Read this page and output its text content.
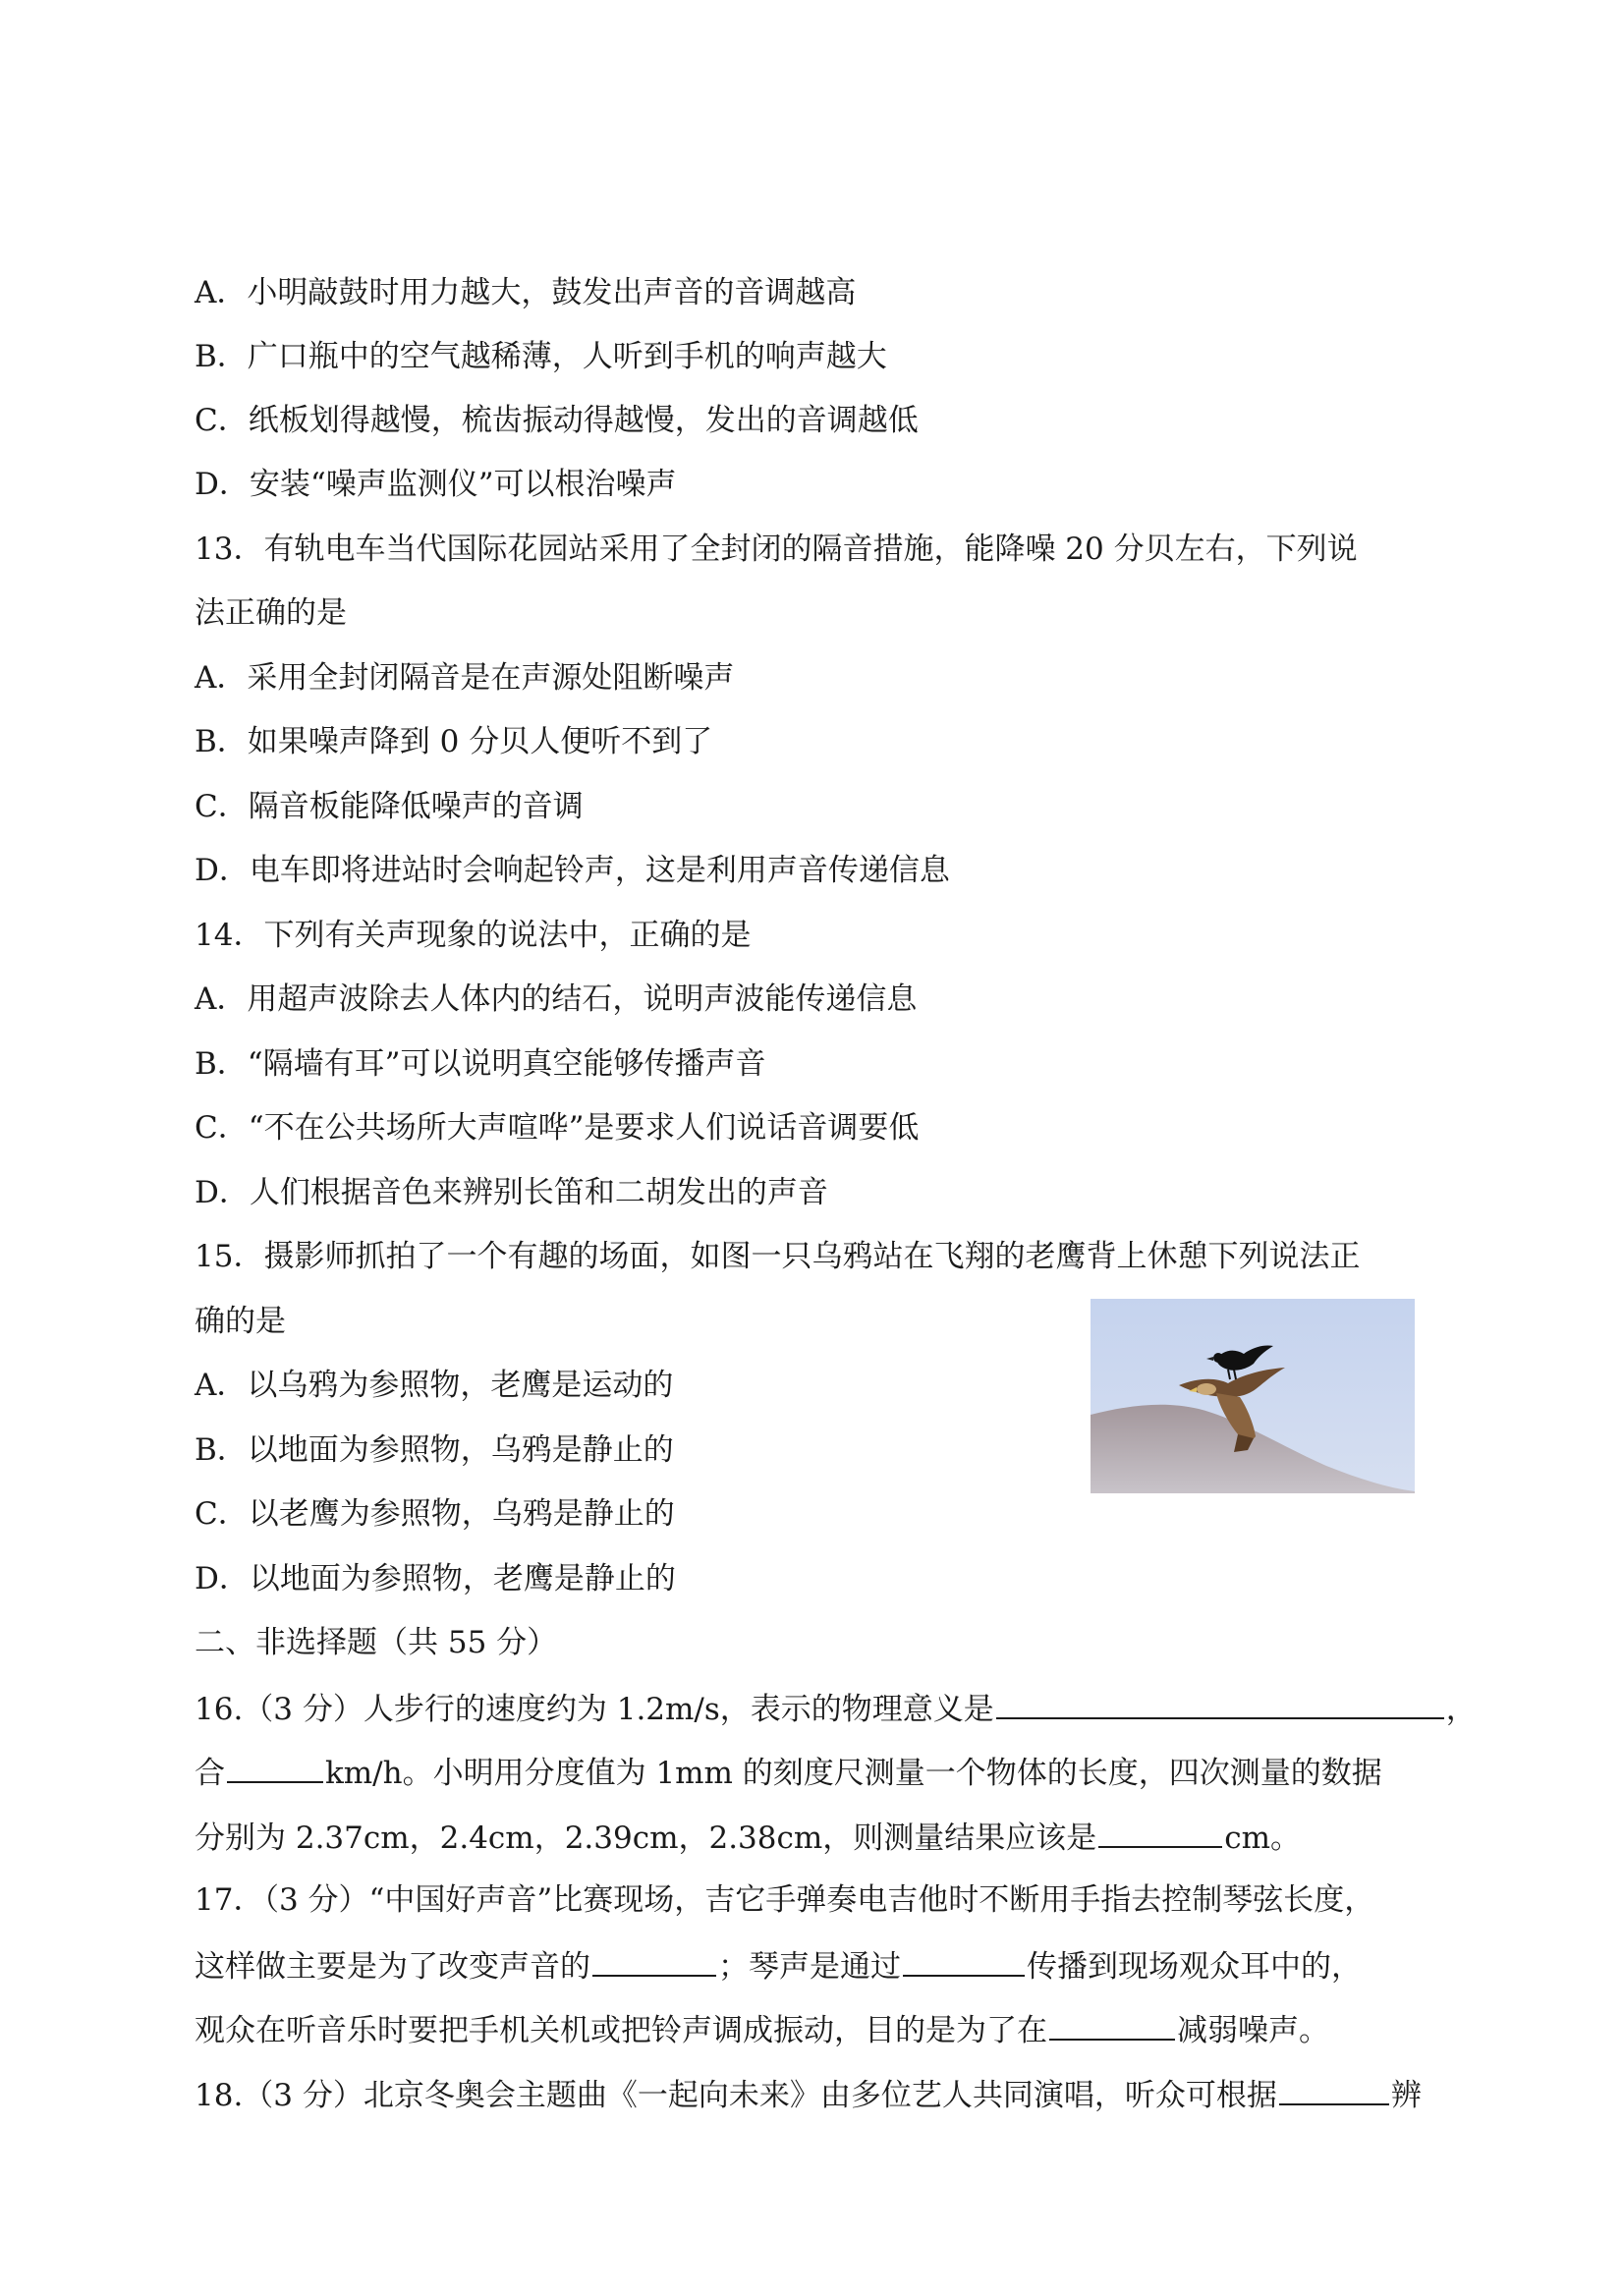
A．小明敲鼓时用力越大，鼓发出声音的音调越高
B．广口瓶中的空气越稀薄，人听到手机的响声越大
C．纸板划得越慢，梳齿振动得越慢，发出的音调越低
D．安装“噪声监测仪”可以根治噪声
13．有轨电车当代国际花园站采用了全封闭的隔音措施，能降噪 20 分贝左右，下列说
法正确的是
A．采用全封闭隔音是在声源处阻断噪声
B．如果噪声降到 0 分贝人便听不到了
C．隔音板能降低噪声的音调
D．电车即将进站时会响起铃声，这是利用声音传递信息
14．下列有关声现象的说法中，正确的是
A．用超声波除去人体内的结石，说明声波能传递信息
B．“隔墙有耳”可以说明真空能够传播声音
C．“不在公共场所大声喧哗”是要求人们说话音调要低
D．人们根据音色来辨别长笛和二胡发出的声音
15．摄影师抓拍了一个有趣的场面，如图一只乌鸦站在飞翔的老鹰背上休憩下列说法正
确的是
A．以乌鸦为参照物，老鹰是运动的
B．以地面为参照物，乌鸦是静止的
C．以老鹰为参照物，乌鸦是静止的
D．以地面为参照物，老鹰是静止的
二、非选择题（共 55 分）
16.（3 分）人步行的速度约为 1.2m/s，表示的物理意义是	，
合	km/h。小明用分度值为 1mm 的刻度尺测量一个物体的长度，四次测量的数据
分别为 2.37cm，2.4cm，2.39cm，2.38cm，则测量结果应该是	cm。
17．（3 分）“中国好声音”比赛现场，吉它手弹奏电吉他时不断用手指去控制琴弦长度，
这样做主要是为了改变声音的	；琴声是通过	传播到现场观众耳中的，
观众在听音乐时要把手机关机或把铃声调成振动，目的是为了在	减弱噪声。
18.（3 分）北京冬奥会主题曲《一起向未来》由多位艺人共同演唱，听众可根据	辨
